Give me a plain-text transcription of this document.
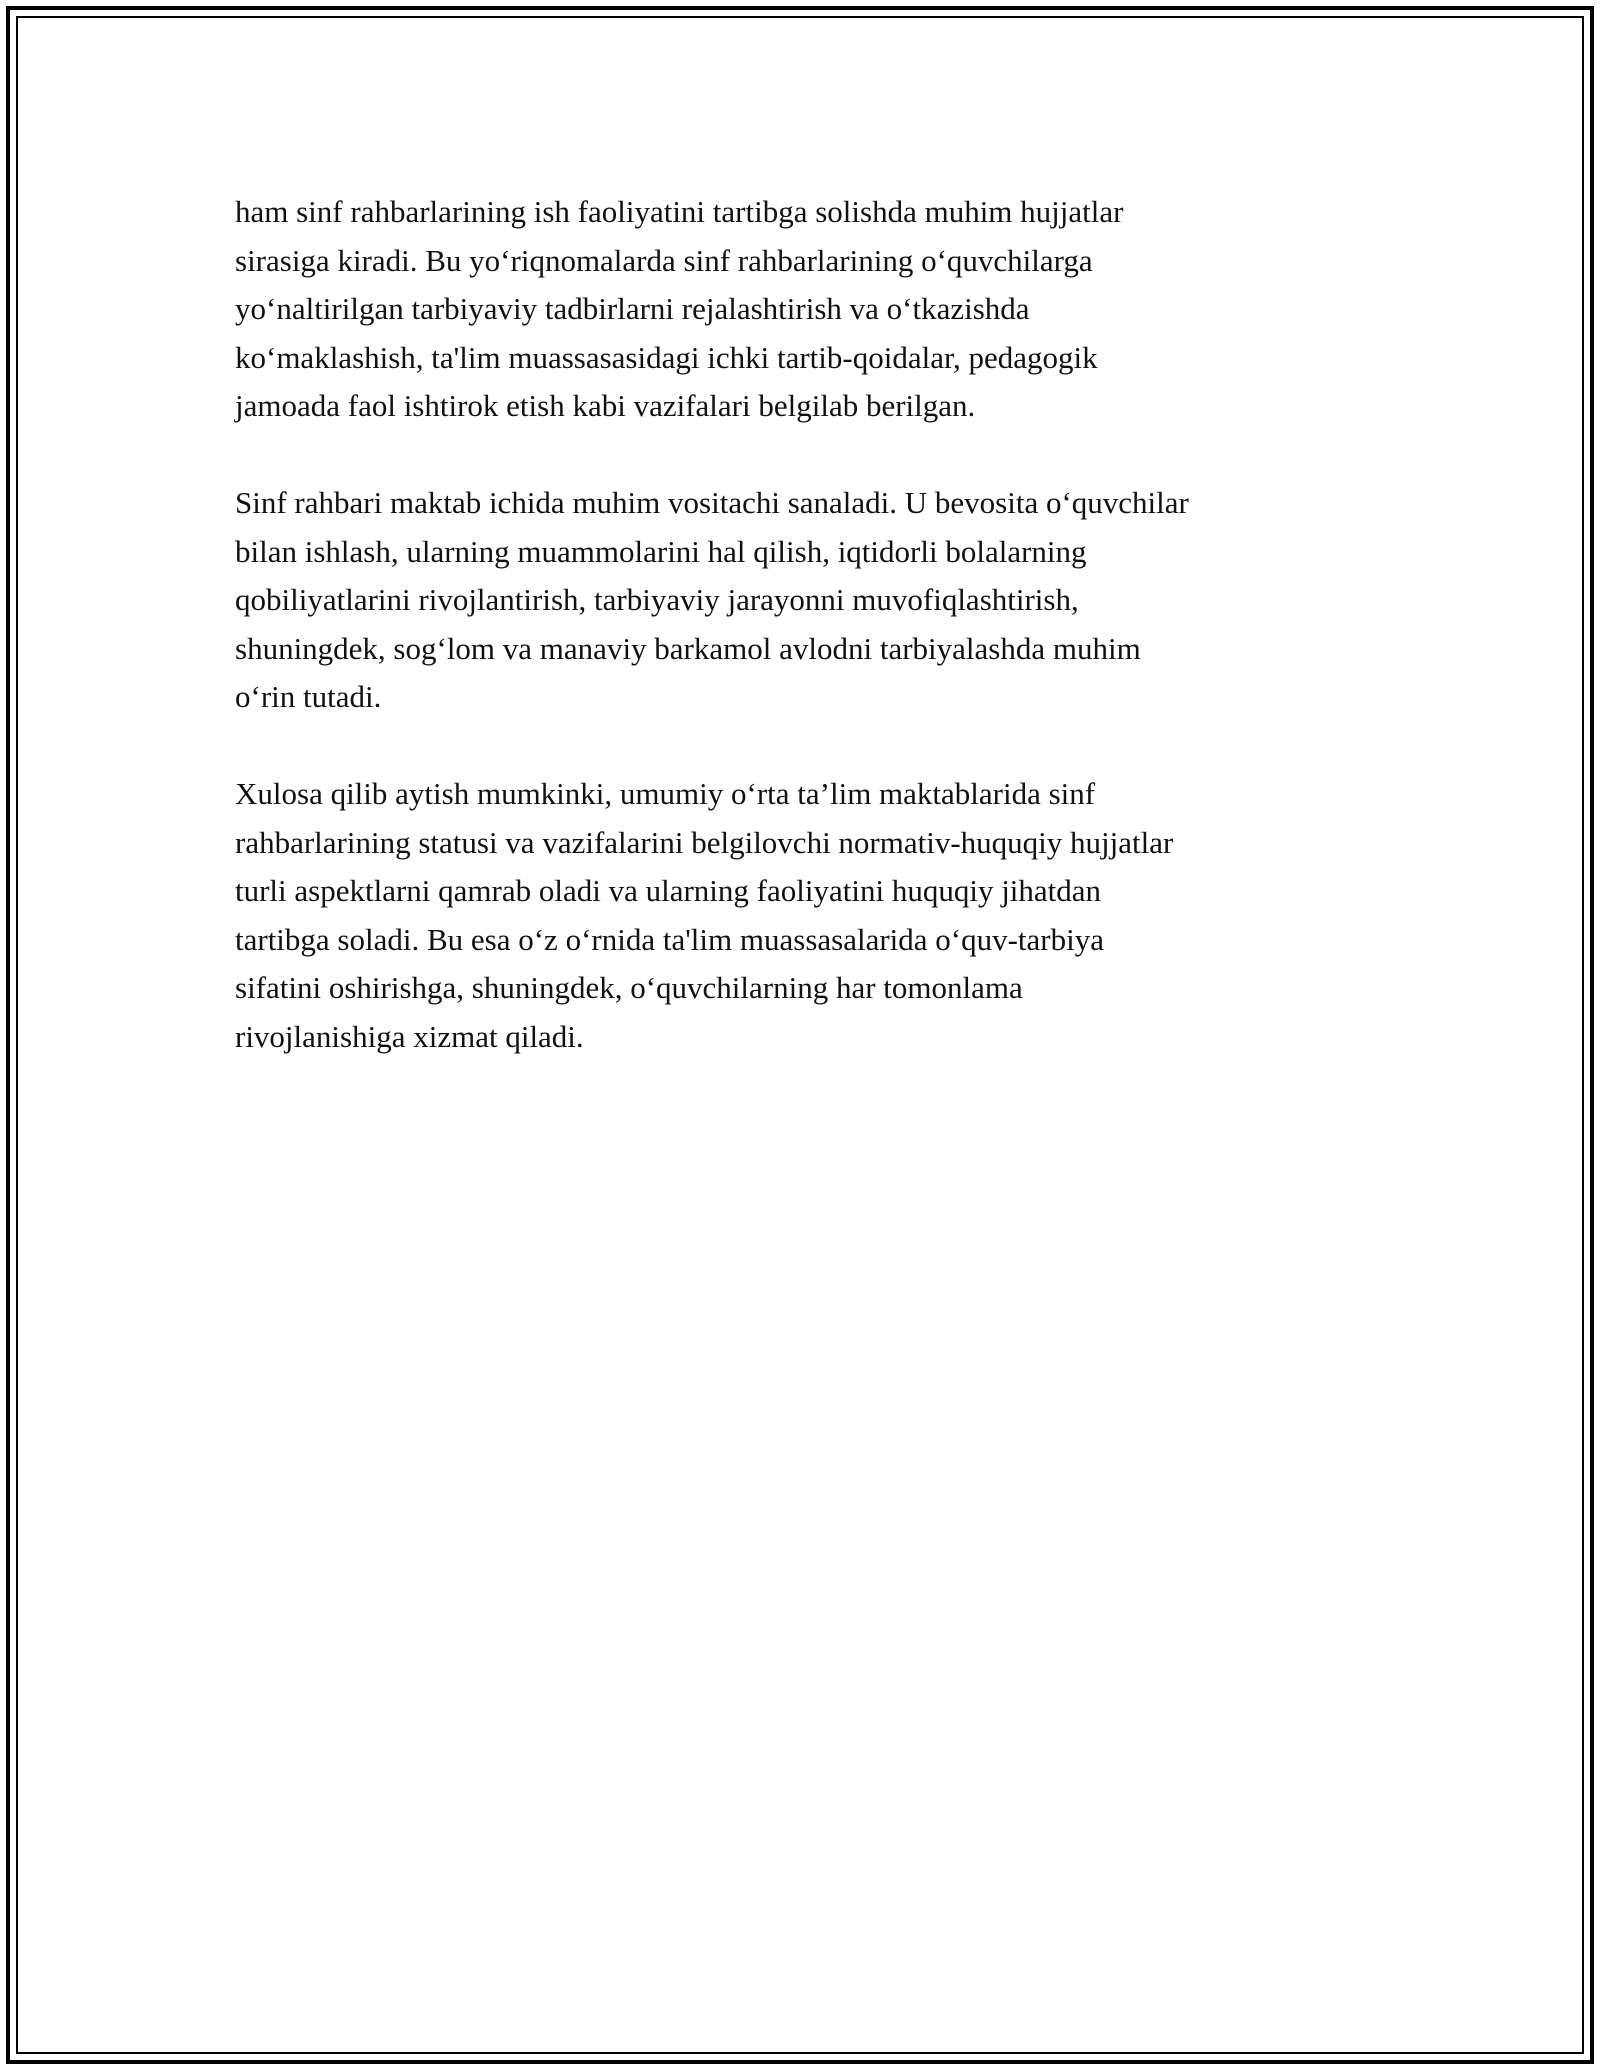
ham sinf rahbarlarining ish faoliyatini tartibga solishda muhim hujjatlar
sirasiga kiradi. Bu yo‘riqnomalarda sinf rahbarlarining o‘quvchilarga
yo‘naltirilgan tarbiyaviy tadbirlarni rejalashtirish va o‘tkazishda
ko‘maklashish, ta'lim muassasasidagi ichki tartib-qoidalar, pedagogik
jamoada faol ishtirok etish kabi vazifalari belgilab berilgan.

Sinf rahbari maktab ichida muhim vositachi sanaladi. U bevosita o‘quvchilar
bilan ishlash, ularning muammolarini hal qilish, iqtidorli bolalarning
qobiliyatlarini rivojlantirish, tarbiyaviy jarayonni muvofiqlashtirish,
shuningdek, sog‘lom va manaviy barkamol avlodni tarbiyalashda muhim
o‘rin tutadi.

Xulosa qilib aytish mumkinki, umumiy o‘rta ta’lim maktablarida sinf
rahbarlarining statusi va vazifalarini belgilovchi normativ-huquqiy hujjatlar
turli aspektlarni qamrab oladi va ularning faoliyatini huquqiy jihatdan
tartibga soladi. Bu esa o‘z o‘rnida ta'lim muassasalarida o‘quv-tarbiya
sifatini oshirishga, shuningdek, o‘quvchilarning har tomonlama
rivojlanishiga xizmat qiladi.
